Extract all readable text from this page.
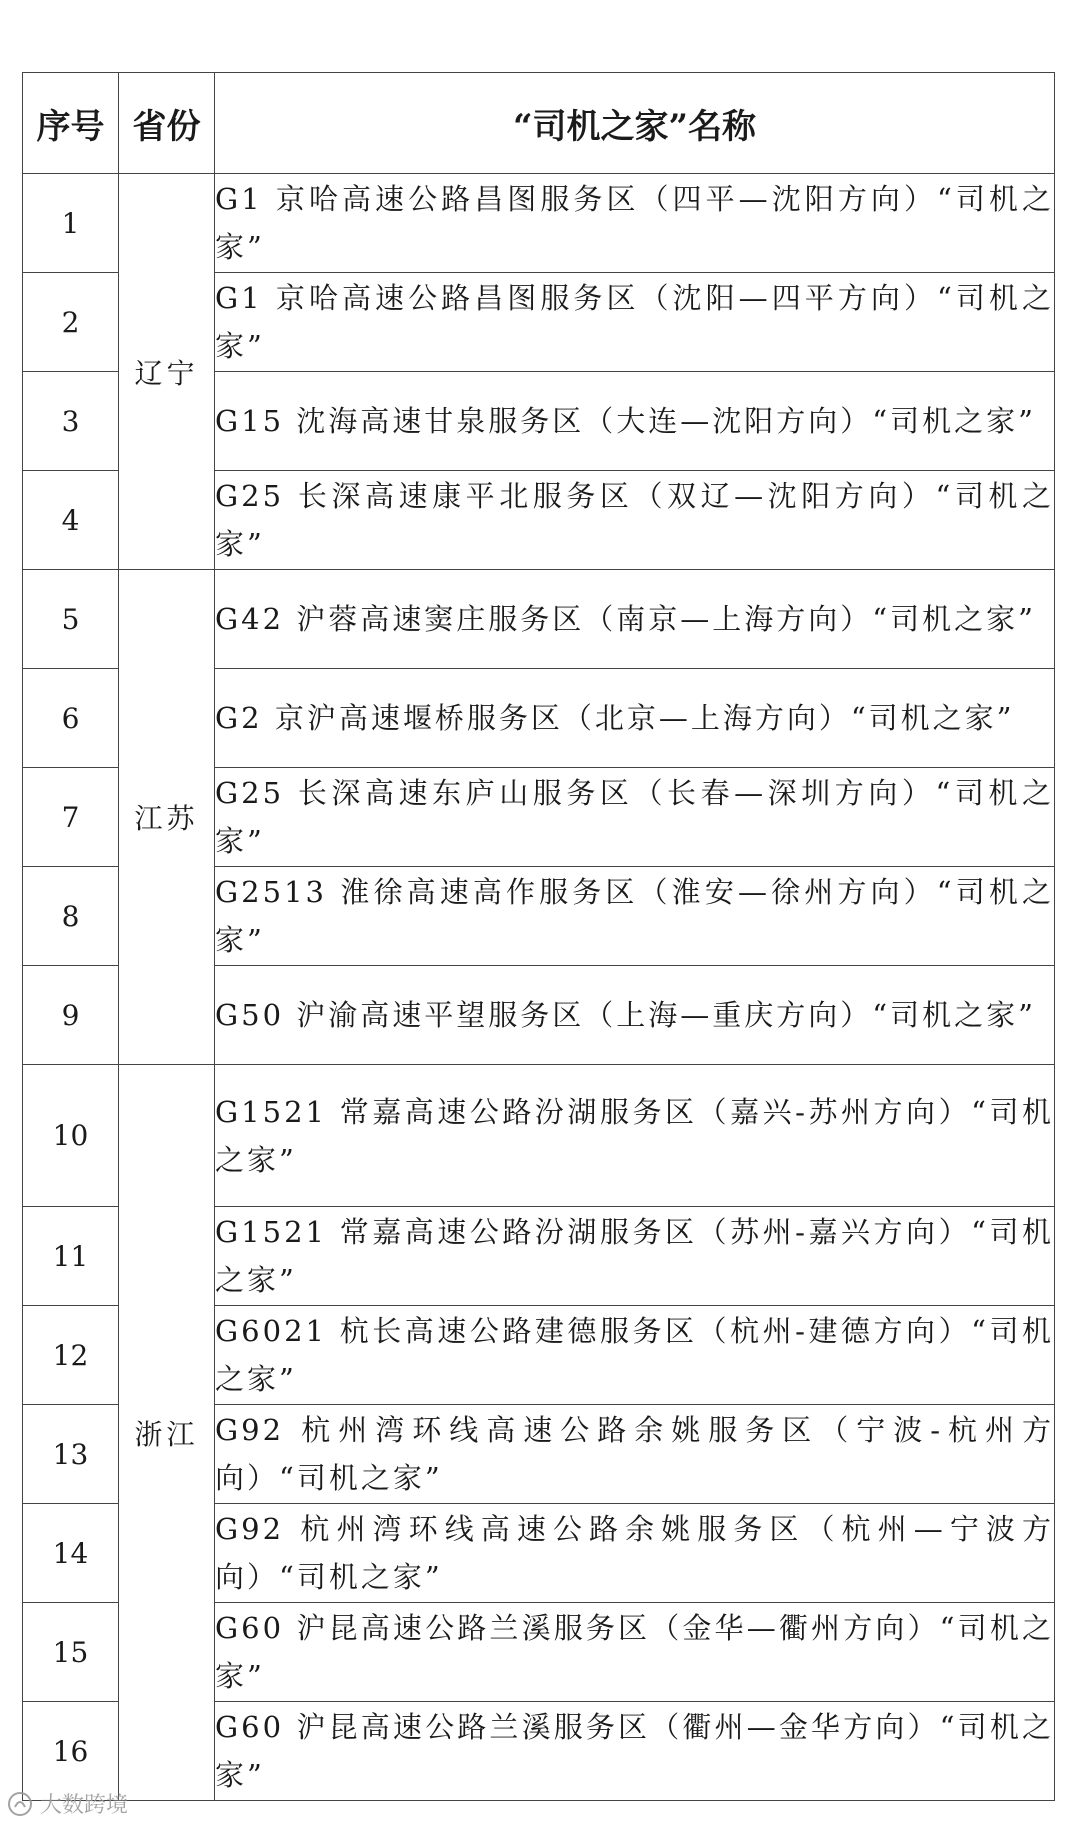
序号	省份	“司机之家”名称
1	辽宁	G1 京哈高速公路昌图服务区（四平—沈阳方向）“司机之家”
2		G1 京哈高速公路昌图服务区（沈阳—四平方向）“司机之家”
3		G15 沈海高速甘泉服务区（大连—沈阳方向）“司机之家”
4		G25 长深高速康平北服务区（双辽—沈阳方向）“司机之家”
5	江苏	G42 沪蓉高速窦庄服务区（南京—上海方向）“司机之家”
6		G2 京沪高速堰桥服务区（北京—上海方向）“司机之家”
7		G25 长深高速东庐山服务区（长春—深圳方向）“司机之家”
8		G2513 淮徐高速高作服务区（淮安—徐州方向）“司机之家”
9		G50 沪渝高速平望服务区（上海—重庆方向）“司机之家”
10	浙江	G1521 常嘉高速公路汾湖服务区（嘉兴-苏州方向）“司机之家”
11		G1521 常嘉高速公路汾湖服务区（苏州-嘉兴方向）“司机之家”
12		G6021 杭长高速公路建德服务区（杭州-建德方向）“司机之家”
13		G92 杭州湾环线高速公路余姚服务区（宁波-杭州方向）“司机之家”
14		G92 杭州湾环线高速公路余姚服务区（杭州—宁波方向）“司机之家”
15		G60 沪昆高速公路兰溪服务区（金华—衢州方向）“司机之家”
16		G60 沪昆高速公路兰溪服务区（衢州—金华方向）“司机之家”
大数跨境
